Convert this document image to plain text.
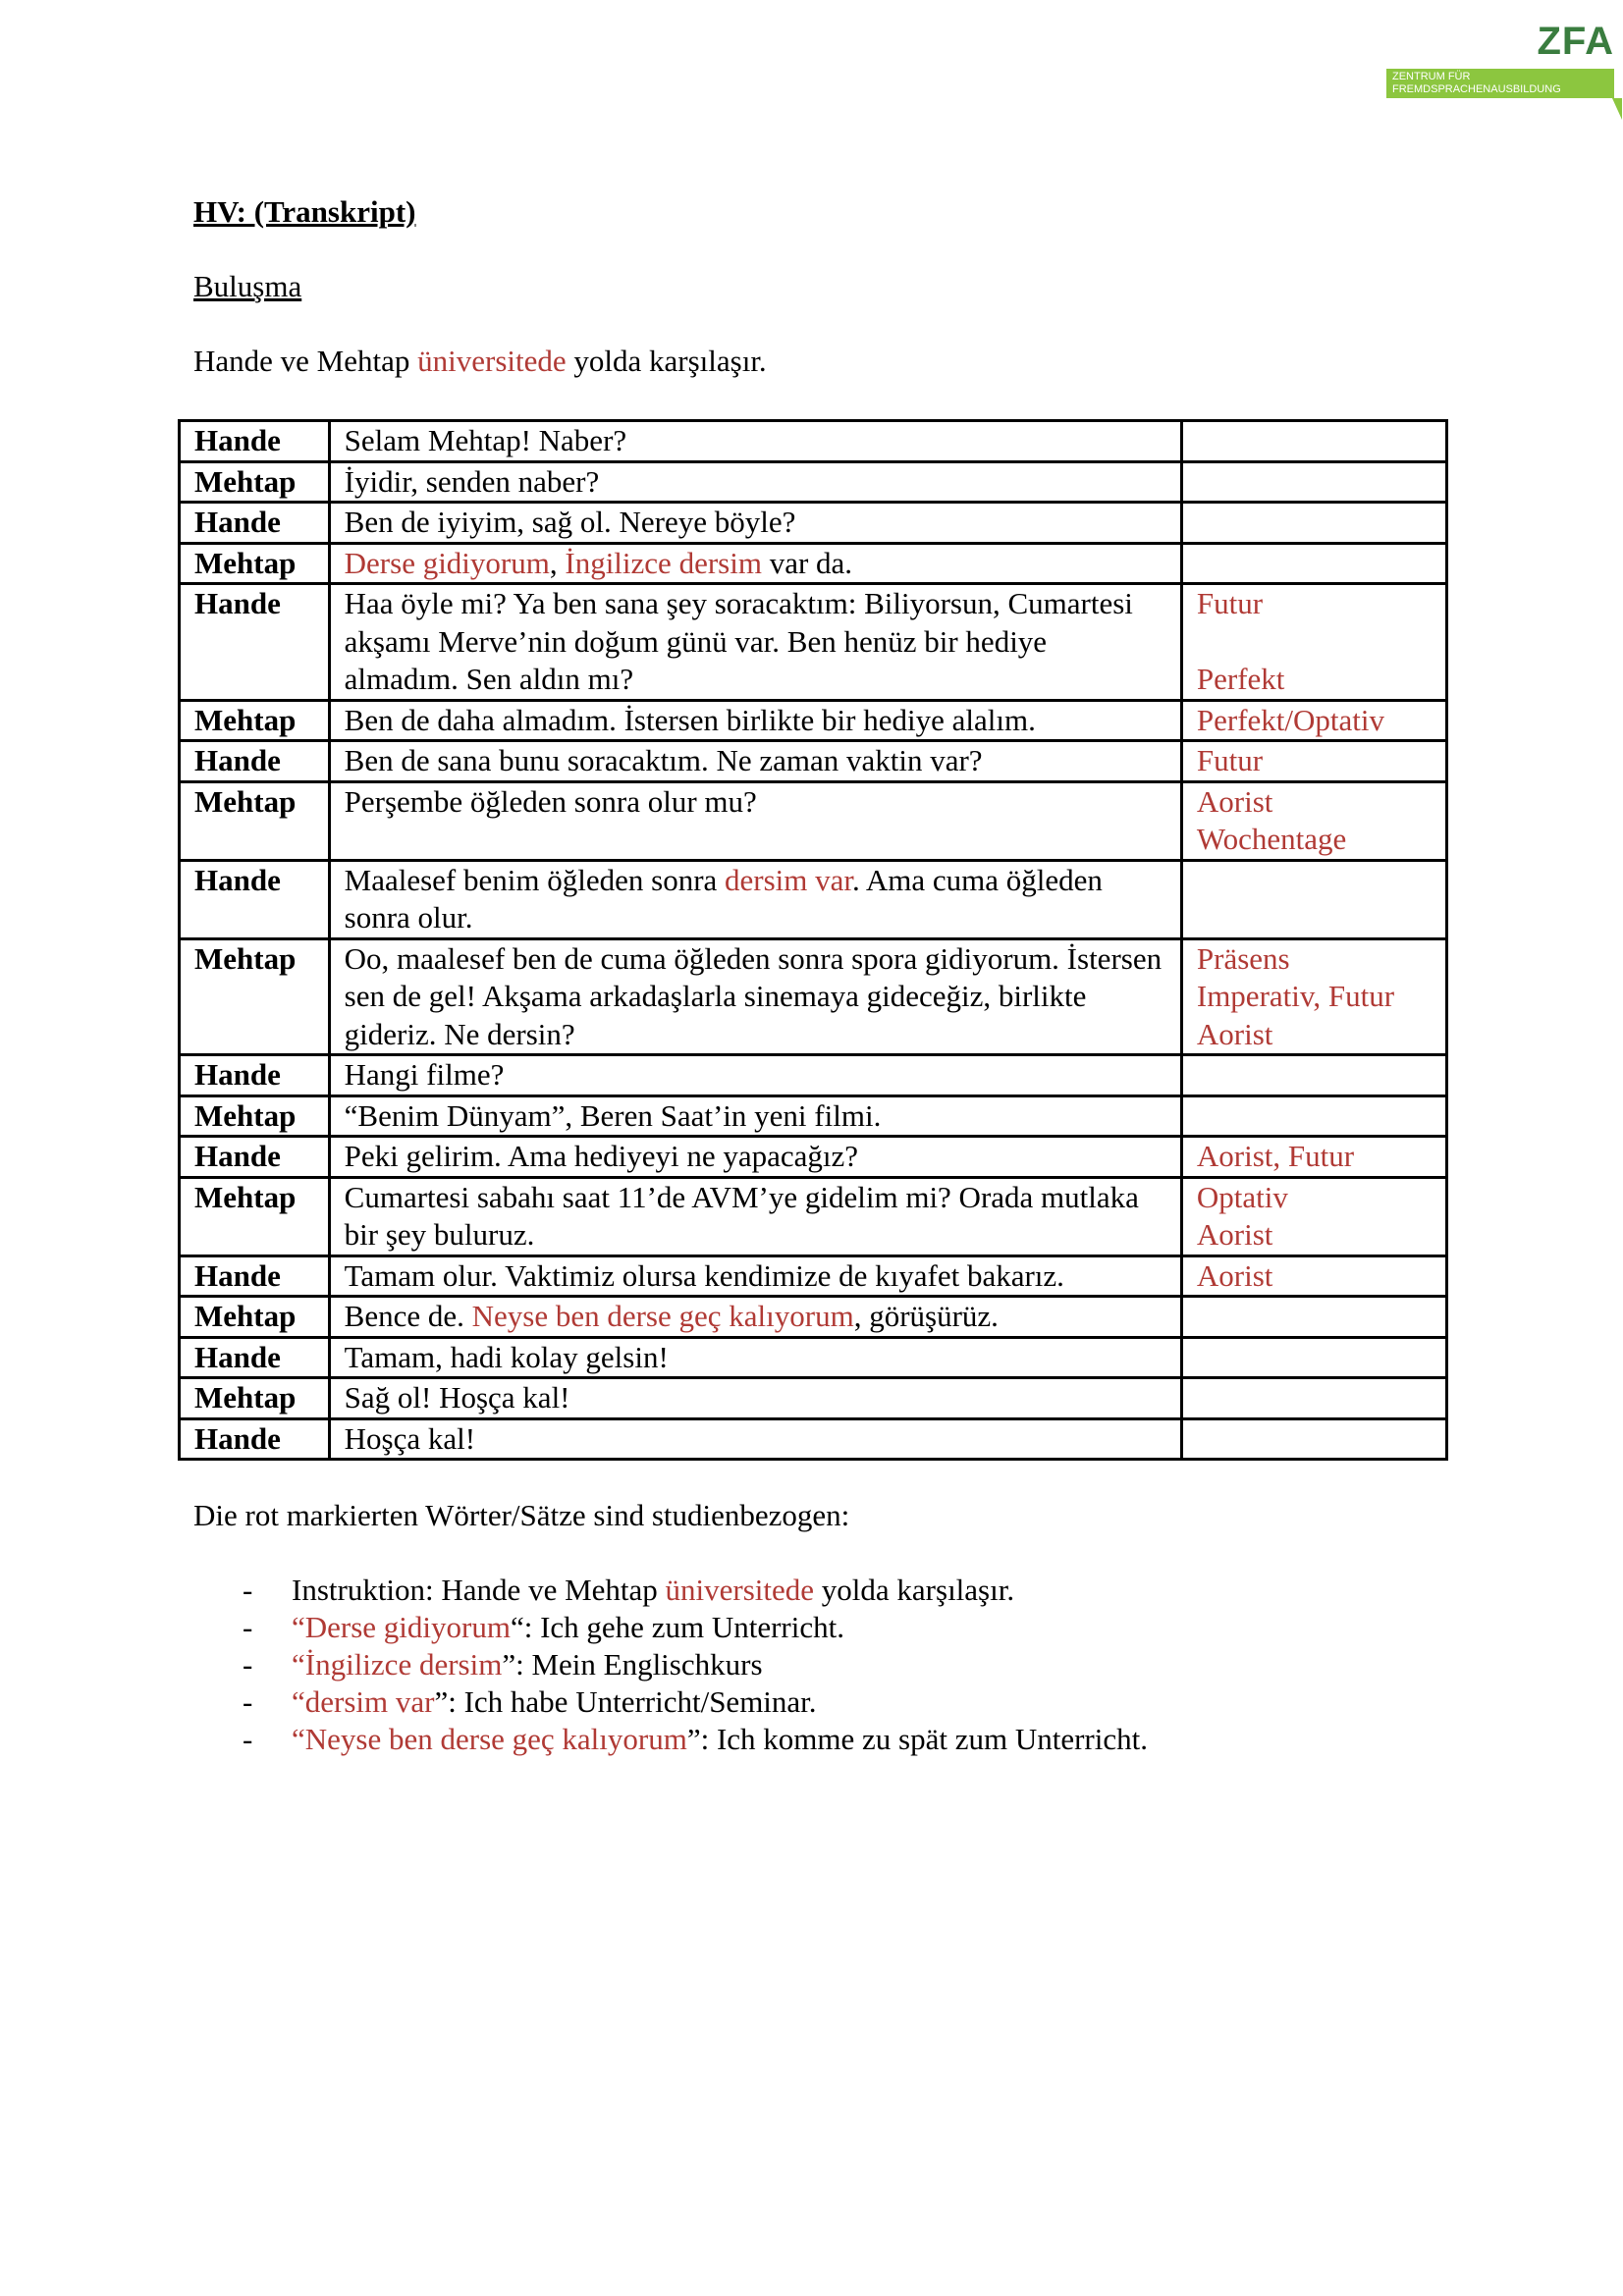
ZFA
ZENTRUM FÜR
FREMDSPRACHENAUSBILDUNG

HV: (Transkript)

Buluşma

Hande ve Mehtap üniversitede yolda karşılaşır.

Hande	Selam Mehtap! Naber?	
Mehtap	İyidir, senden naber?	
Hande	Ben de iyiyim, sağ ol. Nereye böyle?	
Mehtap	Derse gidiyorum, İngilizce dersim var da.	
Hande	Haa öyle mi? Ya ben sana şey soracaktım: Biliyorsun, Cumartesi akşamı Merve’nin doğum günü var. Ben henüz bir hediye almadım. Sen aldın mı?	Futur
Perfekt

Mehtap	Ben de daha almadım. İstersen birlikte bir hediye alalım.	Perfekt/Optativ

Hande	Ben de sana bunu soracaktım. Ne zaman vaktin var?	Futur

Mehtap	Perşembe öğleden sonra olur mu?	Aorist
Wochentage

Hande	Maalesef benim öğleden sonra dersim var. Ama cuma öğleden sonra olur.	
Mehtap	Oo, maalesef ben de cuma öğleden sonra spora gidiyorum. İstersen sen de gel! Akşama arkadaşlarla sinemaya gideceğiz, birlikte gideriz. Ne dersin?	Präsens
Imperativ, Futur
Aorist

Hande	Hangi filme?	
Mehtap	“Benim Dünyam”, Beren Saat’in yeni filmi.	
Hande	Peki gelirim. Ama hediyeyi ne yapacağız?	Aorist, Futur

Mehtap	Cumartesi sabahı saat 11’de AVM’ye gidelim mi? Orada mutlaka bir şey buluruz.	Optativ
Aorist

Hande	Tamam olur. Vaktimiz olursa kendimize de kıyafet bakarız.	Aorist

Mehtap	Bence de. Neyse ben derse geç kalıyorum, görüşürüz.	
Hande	Tamam, hadi kolay gelsin!	
Mehtap	Sağ ol! Hoşça kal!	
Hande	Hoşça kal!	

Die rot markierten Wörter/Sätze sind studienbezogen:

- Instruktion: Hande ve Mehtap üniversitede yolda karşılaşır.
- “Derse gidiyorum“: Ich gehe zum Unterricht.
- “İngilizce dersim”: Mein Englischkurs
- “dersim var”: Ich habe Unterricht/Seminar.
- “Neyse ben derse geç kalıyorum”: Ich komme zu spät zum Unterricht.
